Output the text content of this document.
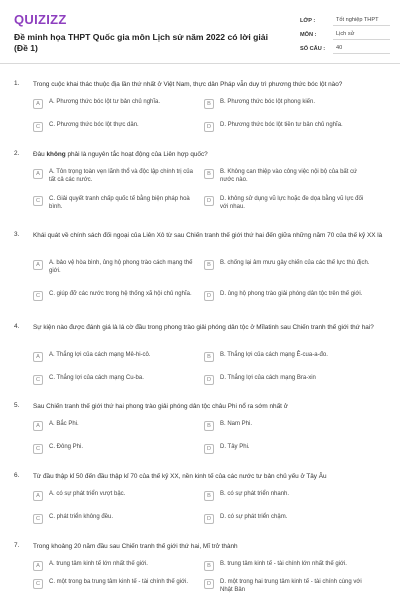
QUIZIZZ
Đề minh họa THPT Quốc gia môn Lịch sử năm 2022 có lời giải (Đề 1)
LỚP :	Tốt nghiệp THPT
MÔN :	Lịch sử
SỐ CÂU :	40
1. Trong cuộc khai thác thuộc địa lần thứ nhất ở Việt Nam, thực dân Pháp vẫn duy trì phương thức bóc lột nào?
A	A. Phương thức bóc lột tư bản chủ nghĩa.	B	B. Phương thức bóc lột phong kiến.
C	C. Phương thức bóc lột thực dân.	D	D. Phương thức bóc lột tiền tư bản chủ nghĩa.
2. Đâu không phải là nguyên tắc hoạt động của Liên hợp quốc?
A	A. Tôn trọng toàn vẹn lãnh thổ và độc lập chính trị của tất cả các nước.
B	B. Không can thiệp vào công việc nội bộ của bất cứ nước nào.
C	C. Giải quyết tranh chấp quốc tế bằng biện pháp hoà bình.
D	D. không sử dụng vũ lực hoặc đe dọa bằng vũ lực đối với nhau.
3. Khái quát về chính sách đối ngoại của Liên Xô từ sau Chiến tranh thế giới thứ hai đến giữa những năm 70 của thế kỷ XX là
A	A. bảo vệ hòa bình, ủng hộ phong trào cách mạng thế giới.
B	B. chống lại âm mưu gây chiến của các thế lực thù địch.
C	C. giúp đỡ các nước trong hệ thống xã hội chủ nghĩa.	D	D. ủng hộ phong trào giải phóng dân tộc trên thế giới.
4. Sự kiện nào được đánh giá là lá cờ đầu trong phong trào giải phóng dân tộc ở Mĩlatinh sau Chiến tranh thế giới thứ hai?
A	A. Thắng lợi của cách mạng Mê-hi-cô.	B	B. Thắng lợi của cách mạng Ê-cua-a-đo.
C	C. Thắng lợi của cách mạng Cu-ba.	D	D. Thắng lợi của cách mạng Bra-xin
5. Sau Chiến tranh thế giới thứ hai phong trào giải phóng dân tộc châu Phi nổ ra sớm nhất ở
A	A. Bắc Phi.	B	B. Nam Phi.
C	C. Đông Phi.	D	D. Tây Phi.
6. Từ đầu thập kỉ 50 đến đầu thập kỉ 70 của thế kỷ XX, nền kinh tế của các nước tư bản chủ yếu ở Tây Âu
A	A. có sự phát triển vượt bậc.	B	B. có sự phát triển nhanh.
C	C. phát triển không đều.	D	D. có sự phát triển chậm.
7. Trong khoảng 20 năm đầu sau Chiến tranh thế giới thứ hai, Mĩ trở thành
A	A. trung tâm kinh tế lớn nhất thế giới.	B	B. trung tâm kinh tế - tài chính lớn nhất thế giới.
C	C. một trong ba trung tâm kinh tế - tài chính thế giới.	D	D. một trong hai trung tâm kinh tế - tài chính cùng với Nhật Bản
